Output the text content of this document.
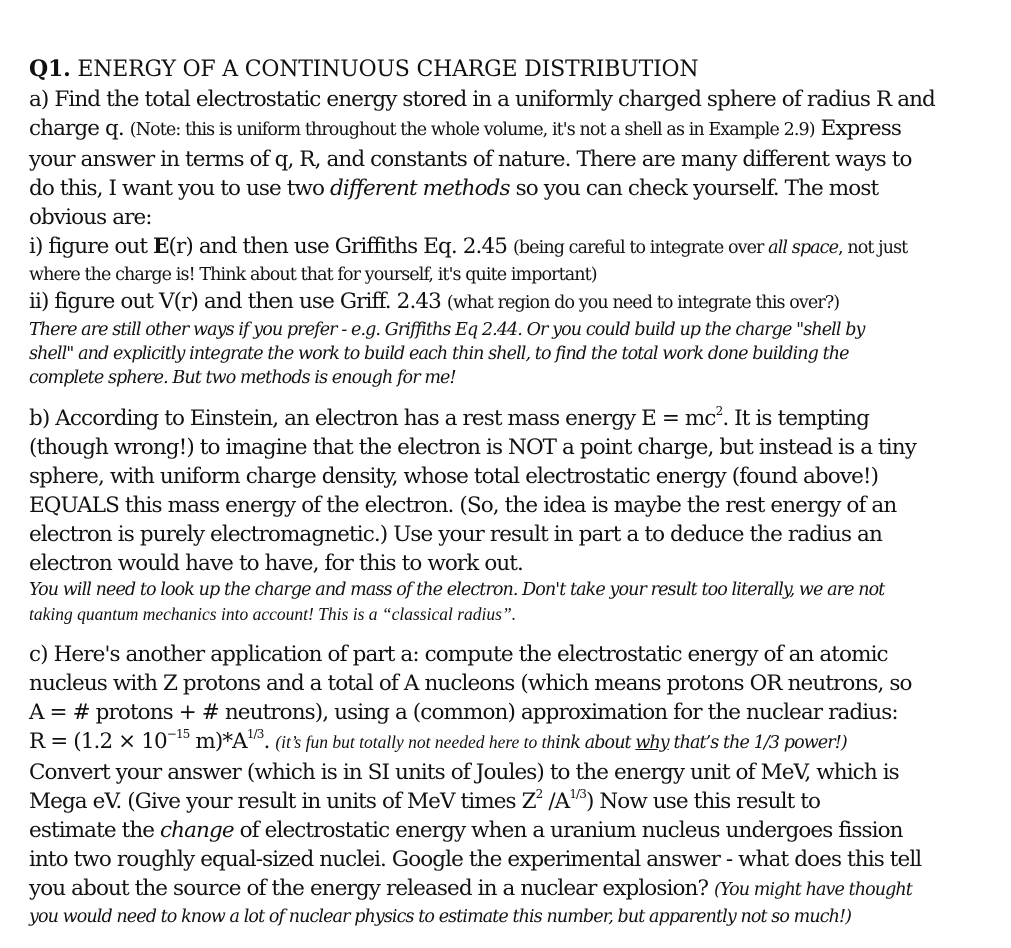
Q1. ENERGY OF A CONTINUOUS CHARGE DISTRIBUTION
a) Find the total electrostatic energy stored in a uniformly charged sphere of radius R and
charge q. (Note: this is uniform throughout the whole volume, it's not a shell as in Example 2.9) Express
your answer in terms of q, R, and constants of nature. There are many different ways to
do this, I want you to use two different methods so you can check yourself. The most
obvious are:
i) figure out E(r) and then use Griffiths Eq. 2.45 (being careful to integrate over all space, not just
where the charge is! Think about that for yourself, it's quite important)
ii) figure out V(r) and then use Griff. 2.43 (what region do you need to integrate this over?)
There are still other ways if you prefer - e.g. Griffiths Eq 2.44. Or you could build up the charge "shell by
shell" and explicitly integrate the work to build each thin shell, to find the total work done building the
complete sphere. But two methods is enough for me!
b) According to Einstein, an electron has a rest mass energy $E = mc^2$. It is tempting
(though wrong!) to imagine that the electron is NOT a point charge, but instead is a tiny
sphere, with uniform charge density, whose total electrostatic energy (found above!)
EQUALS this mass energy of the electron. (So, the idea is maybe the rest energy of an
electron is purely electromagnetic.) Use your result in part a to deduce the radius an
electron would have to have, for this to work out.
You will need to look up the charge and mass of the electron. Don't take your result too literally, we are not
taking quantum mechanics into account! This is a “classical radius”.
c) Here's another application of part a: compute the electrostatic energy of an atomic
nucleus with Z protons and a total of A nucleons (which means protons OR neutrons, so
A = # protons + # neutrons), using a (common) approximation for the nuclear radius:
$R = (1.2 \times 10^{-15}$ $m)*A^{1/3}$. (it’s fun but totally not needed here to think about why that’s the 1/3 power!)
Convert your answer (which is in SI units of Joules) to the energy unit of MeV, which is
Mega eV. (Give your result in units of MeV times $Z^2$ $/A^{1/3}$) Now use this result to
estimate the change of electrostatic energy when a uranium nucleus undergoes fission
into two roughly equal-sized nuclei. Google the experimental answer - what does this tell
you about the source of the energy released in a nuclear explosion? (You might have thought
you would need to know a lot of nuclear physics to estimate this number, but apparently not so much!)
